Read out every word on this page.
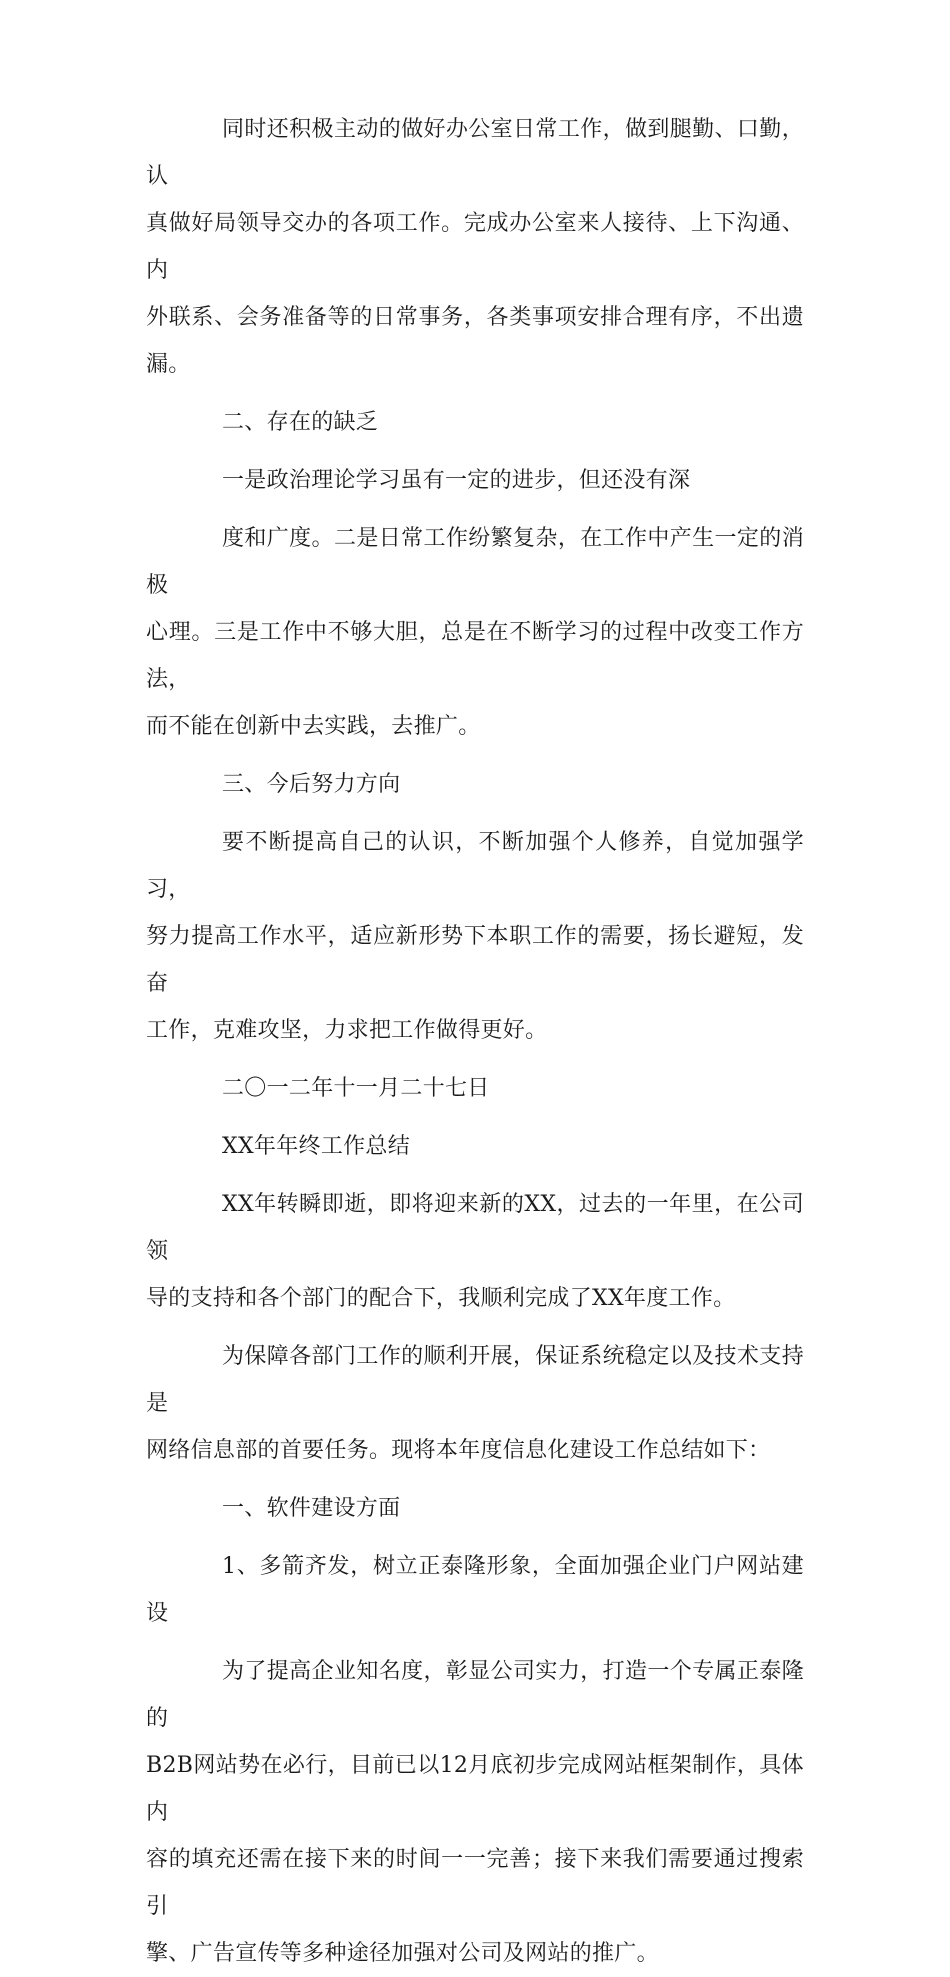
同时还积极主动的做好办公室日常工作，做到腿勤、口勤，认
真做好局领导交办的各项工作。完成办公室来人接待、上下沟通、内
外联系、会务准备等的日常事务，各类事项安排合理有序，不出遗漏。

二、存在的缺乏

一是政治理论学习虽有一定的进步，但还没有深

度和广度。二是日常工作纷繁复杂，在工作中产生一定的消极
心理。三是工作中不够大胆，总是在不断学习的过程中改变工作方法，
而不能在创新中去实践，去推广。

三、今后努力方向

要不断提高自己的认识，不断加强个人修养，自觉加强学习，
努力提高工作水平，适应新形势下本职工作的需要，扬长避短，发奋
工作，克难攻坚，力求把工作做得更好。

二〇一二年十一月二十七日

XX年年终工作总结

XX年转瞬即逝，即将迎来新的XX，过去的一年里，在公司领
导的支持和各个部门的配合下，我顺利完成了XX年度工作。

为保障各部门工作的顺利开展，保证系统稳定以及技术支持是
网络信息部的首要任务。现将本年度信息化建设工作总结如下：

一、软件建设方面

1、多箭齐发，树立正泰隆形象，全面加强企业门户网站建设

为了提高企业知名度，彰显公司实力，打造一个专属正泰隆的
B2B网站势在必行，目前已以12月底初步完成网站框架制作，具体内
容的填充还需在接下来的时间一一完善；接下来我们需要通过搜索引
擎、广告宣传等多种途径加强对公司及网站的推广。
